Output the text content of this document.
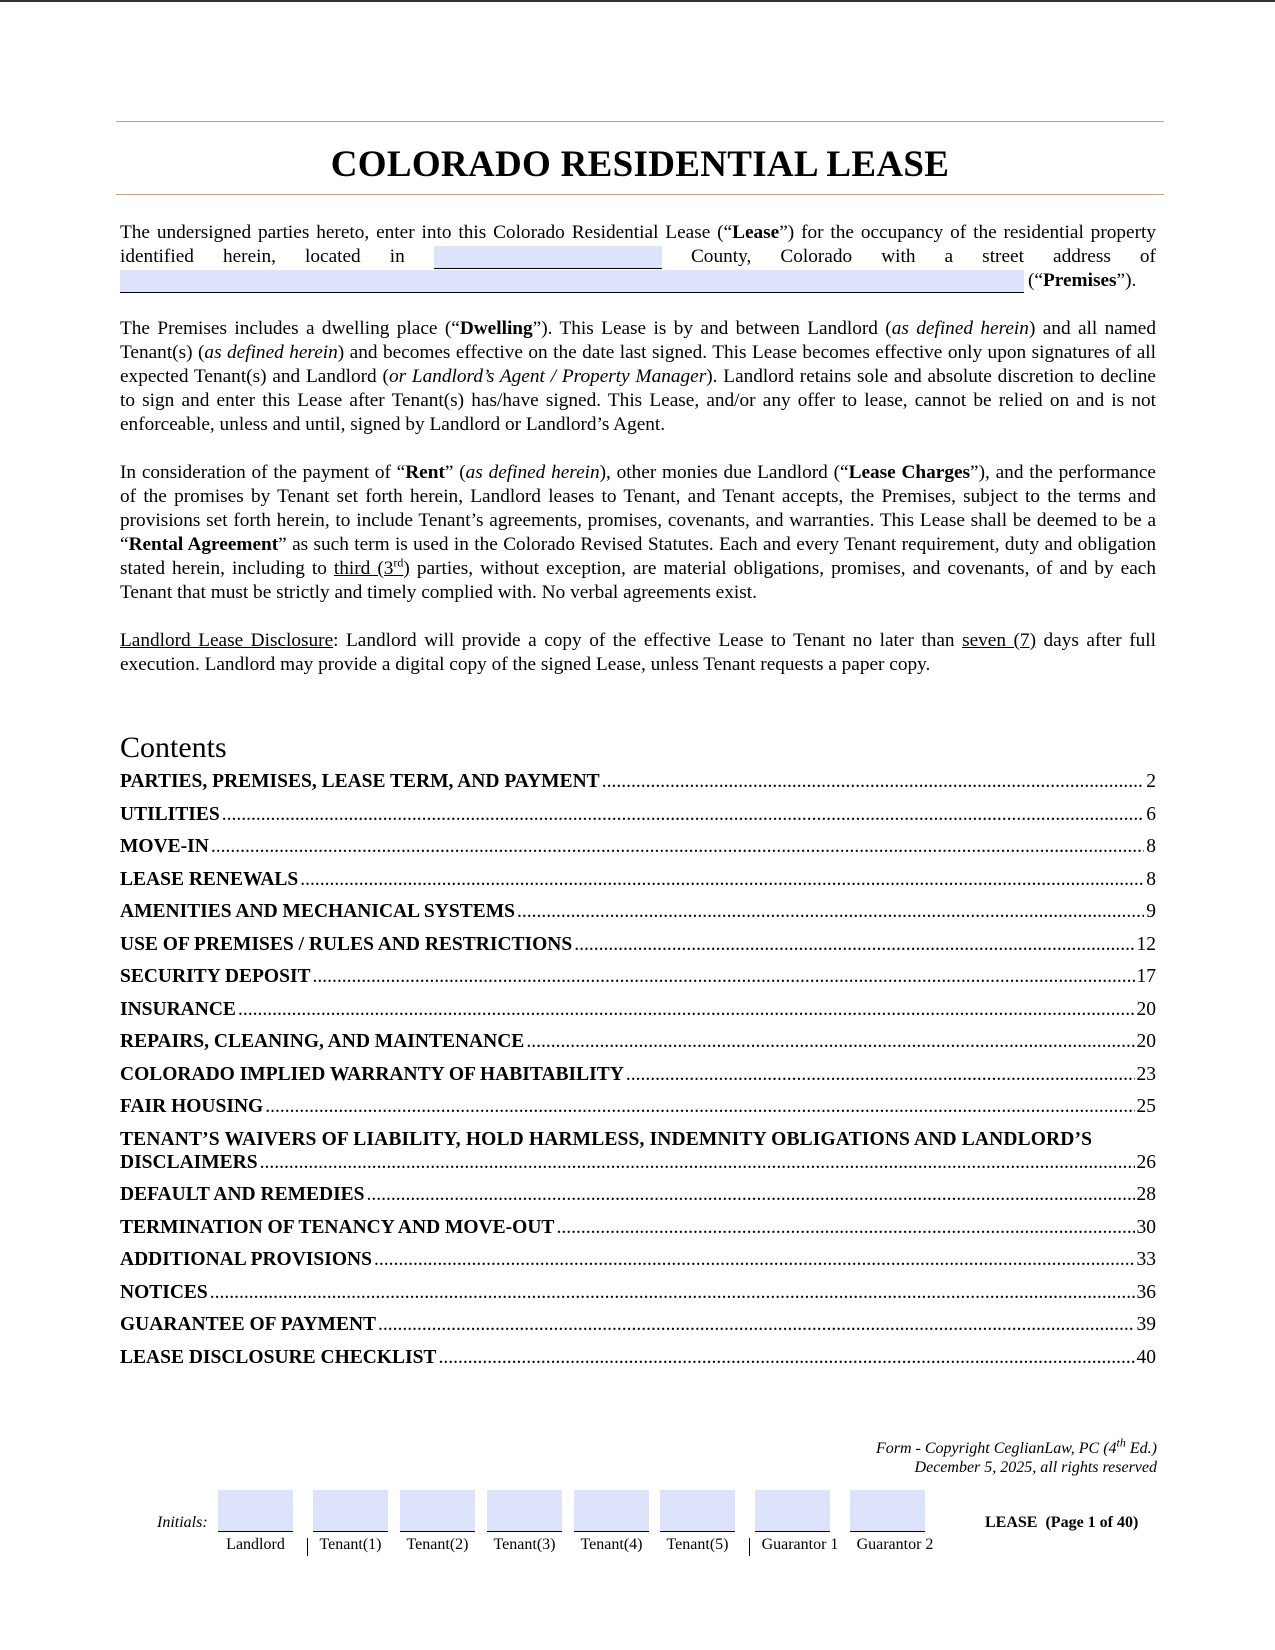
COLORADO RESIDENTIAL LEASE
The undersigned parties hereto, enter into this Colorado Residential Lease (“Lease”) for the occupancy of the residential property identified herein, located in	County, Colorado with a street address of
(“Premises”).
The Premises includes a dwelling place (“Dwelling”). This Lease is by and between Landlord (as defined herein) and all named Tenant(s) (as defined herein) and becomes effective on the date last signed. This Lease becomes effective only upon signatures of all expected Tenant(s) and Landlord (or Landlord’s Agent / Property Manager). Landlord retains sole and absolute discretion to decline to sign and enter this Lease after Tenant(s) has/have signed. This Lease, and/or any offer to lease, cannot be relied on and is not enforceable, unless and until, signed by Landlord or Landlord’s Agent.
In consideration of the payment of “Rent” (as defined herein), other monies due Landlord (“Lease Charges”), and the performance of the promises by Tenant set forth herein, Landlord leases to Tenant, and Tenant accepts, the Premises, subject to the terms and provisions set forth herein, to include Tenant’s agreements, promises, covenants, and warranties. This Lease shall be deemed to be a “Rental Agreement” as such term is used in the Colorado Revised Statutes. Each and every Tenant requirement, duty and obligation stated herein, including to third (3rd) parties, without exception, are material obligations, promises, and covenants, of and by each Tenant that must be strictly and timely complied with. No verbal agreements exist.
Landlord Lease Disclosure: Landlord will provide a copy of the effective Lease to Tenant no later than seven (7) days after full execution. Landlord may provide a digital copy of the signed Lease, unless Tenant requests a paper copy.
Contents
PARTIES, PREMISES, LEASE TERM, AND PAYMENT .....	2
UTILITIES .....	6
MOVE-IN .....	8
LEASE RENEWALS .....	8
AMENITIES AND MECHANICAL SYSTEMS .....	9
USE OF PREMISES / RULES AND RESTRICTIONS .....	12
SECURITY DEPOSIT .....	17
INSURANCE .....	20
REPAIRS, CLEANING, AND MAINTENANCE .....	20
COLORADO IMPLIED WARRANTY OF HABITABILITY .....	23
FAIR HOUSING .....	25
TENANT’S WAIVERS OF LIABILITY, HOLD HARMLESS, INDEMNITY OBLIGATIONS AND LANDLORD’S
DISCLAIMERS .....	26
DEFAULT AND REMEDIES .....	28
TERMINATION OF TENANCY AND MOVE-OUT .....	30
ADDITIONAL PROVISIONS .....	33
NOTICES .....	36
GUARANTEE OF PAYMENT .....	39
LEASE DISCLOSURE CHECKLIST .....	40
Form - Copyright CeglianLaw, PC (4th Ed.)
December 5, 2025, all rights reserved
Initials:
Landlord	Tenant(1)	Tenant(2)	Tenant(3)	Tenant(4)	Tenant(5)	Guarantor 1	Guarantor 2
LEASE  (Page 1 of 40)
